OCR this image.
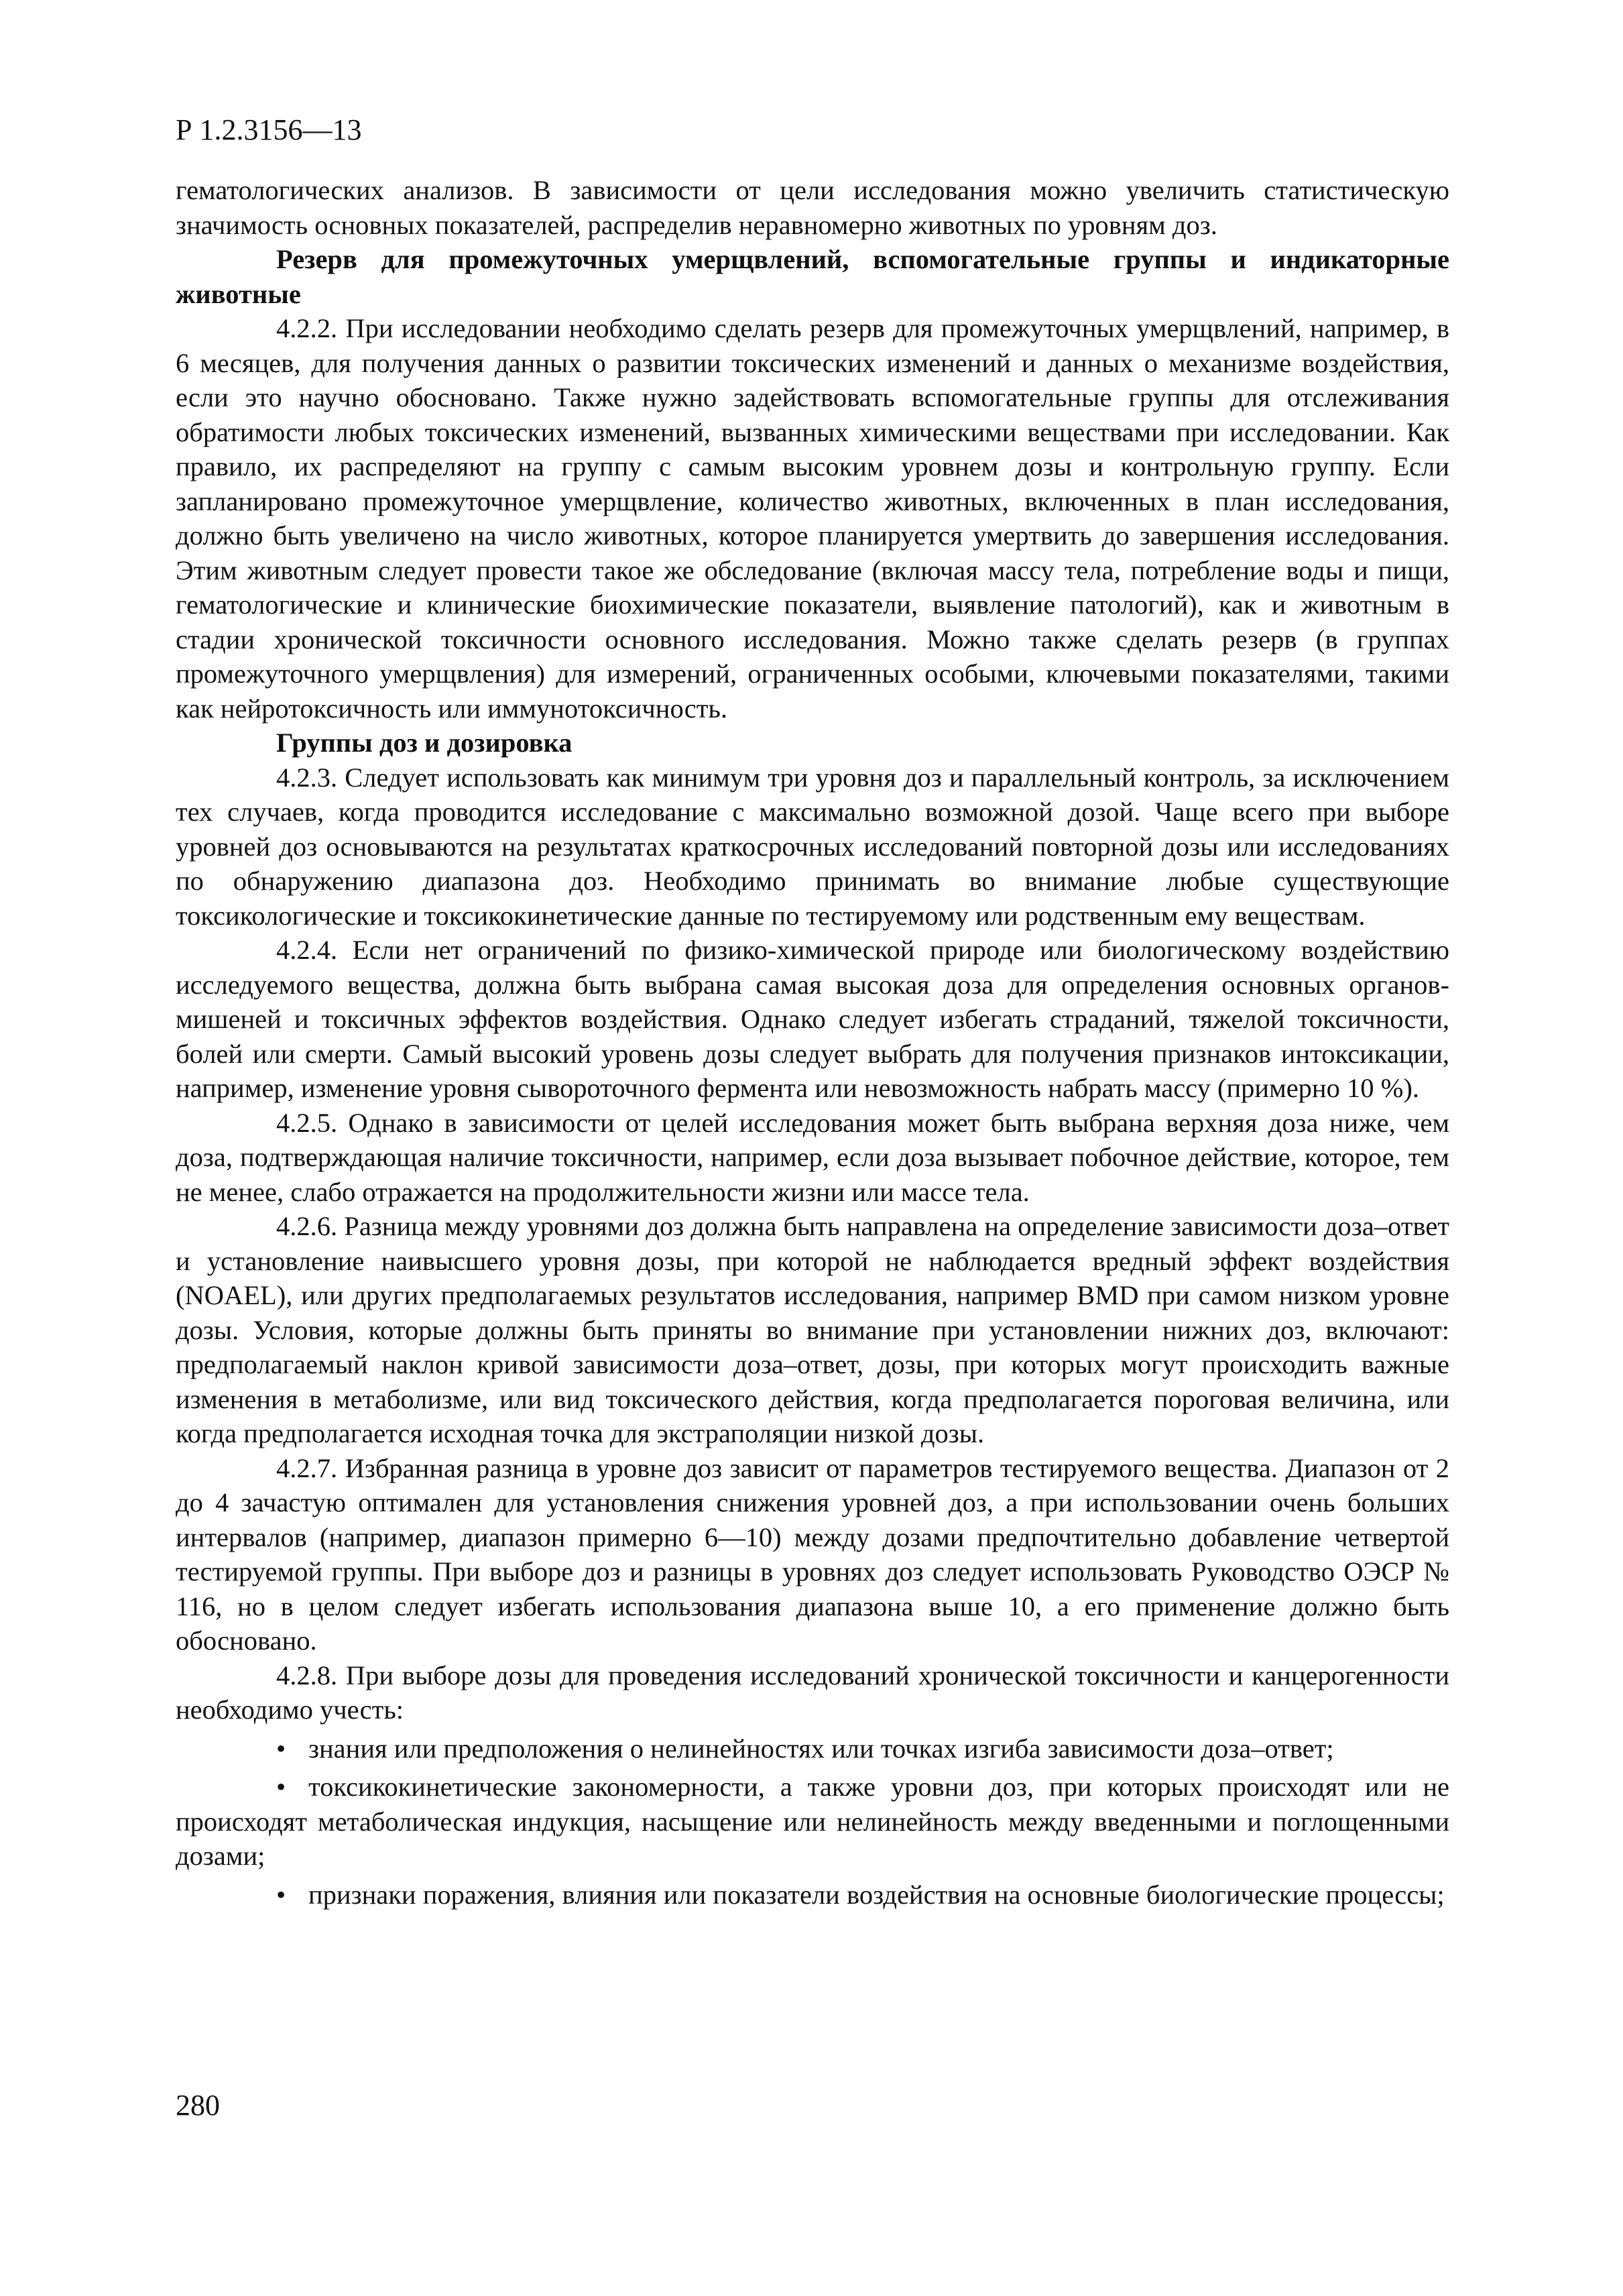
Р 1.2.3156—13

гематологических анализов. В зависимости от цели исследования можно увеличить статистическую значимость основных показателей, распределив неравномерно животных по уровням доз.

Резерв для промежуточных умерщвлений, вспомогательные группы и индикаторные животные

4.2.2. При исследовании необходимо сделать резерв для промежуточных умерщвлений, например, в 6 месяцев, для получения данных о развитии токсических изменений и данных о механизме воздействия, если это научно обосновано. Также нужно задействовать вспомогательные группы для отслеживания обратимости любых токсических изменений, вызванных химическими веществами при исследовании. Как правило, их распределяют на группу с самым высоким уровнем дозы и контрольную группу. Если запланировано промежуточное умерщвление, количество животных, включенных в план исследования, должно быть увеличено на число животных, которое планируется умертвить до завершения исследования. Этим животным следует провести такое же обследование (включая массу тела, потребление воды и пищи, гематологические и клинические биохимические показатели, выявление патологий), как и животным в стадии хронической токсичности основного исследования. Можно также сделать резерв (в группах промежуточного умерщвления) для измерений, ограниченных особыми, ключевыми показателями, такими как нейротоксичность или иммунотоксичность.

Группы доз и дозировка

4.2.3. Следует использовать как минимум три уровня доз и параллельный контроль, за исключением тех случаев, когда проводится исследование с максимально возможной дозой. Чаще всего при выборе уровней доз основываются на результатах краткосрочных исследований повторной дозы или исследованиях по обнаружению диапазона доз. Необходимо принимать во внимание любые существующие токсикологические и токсикокинетические данные по тестируемому или родственным ему веществам.

4.2.4. Если нет ограничений по физико-химической природе или биологическому воздействию исследуемого вещества, должна быть выбрана самая высокая доза для определения основных органов-мишеней и токсичных эффектов воздействия. Однако следует избегать страданий, тяжелой токсичности, болей или смерти. Самый высокий уровень дозы следует выбрать для получения признаков интоксикации, например, изменение уровня сывороточного фермента или невозможность набрать массу (примерно 10 %).

4.2.5. Однако в зависимости от целей исследования может быть выбрана верхняя доза ниже, чем доза, подтверждающая наличие токсичности, например, если доза вызывает побочное действие, которое, тем не менее, слабо отражается на продолжительности жизни или массе тела.

4.2.6. Разница между уровнями доз должна быть направлена на определение зависимости доза–ответ и установление наивысшего уровня дозы, при которой не наблюдается вредный эффект воздействия (NOAEL), или других предполагаемых результатов исследования, например BMD при самом низком уровне дозы. Условия, которые должны быть приняты во внимание при установлении нижних доз, включают: предполагаемый наклон кривой зависимости доза–ответ, дозы, при которых могут происходить важные изменения в метаболизме, или вид токсического действия, когда предполагается пороговая величина, или когда предполагается исходная точка для экстраполяции низкой дозы.

4.2.7. Избранная разница в уровне доз зависит от параметров тестируемого вещества. Диапазон от 2 до 4 зачастую оптимален для установления снижения уровней доз, а при использовании очень больших интервалов (например, диапазон примерно 6—10) между дозами предпочтительно добавление четвертой тестируемой группы. При выборе доз и разницы в уровнях доз следует использовать Руководство ОЭСР № 116, но в целом следует избегать использования диапазона выше 10, а его применение должно быть обосновано.

4.2.8. При выборе дозы для проведения исследований хронической токсичности и канцерогенности необходимо учесть:

• знания или предположения о нелинейностях или точках изгиба зависимости доза–ответ;

• токсикокинетические закономерности, а также уровни доз, при которых происходят или не происходят метаболическая индукция, насыщение или нелинейность между введенными и поглощенными дозами;

• признаки поражения, влияния или показатели воздействия на основные биологические процессы;

280
